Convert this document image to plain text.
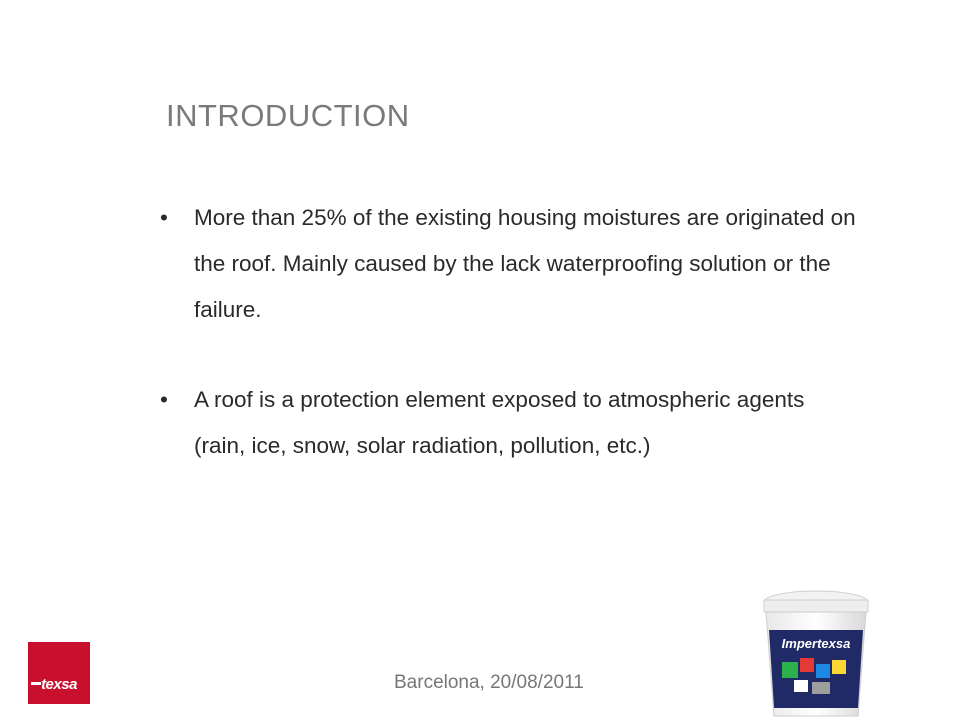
INTRODUCTION
• More than 25% of the existing housing moistures are originated on the roof. Mainly caused by the lack waterproofing solution or the failure.
• A roof is a protection element exposed to atmospheric agents (rain, ice, snow, solar radiation, pollution, etc.)
texsa	Barcelona, 20/08/2011
Impertexsa
